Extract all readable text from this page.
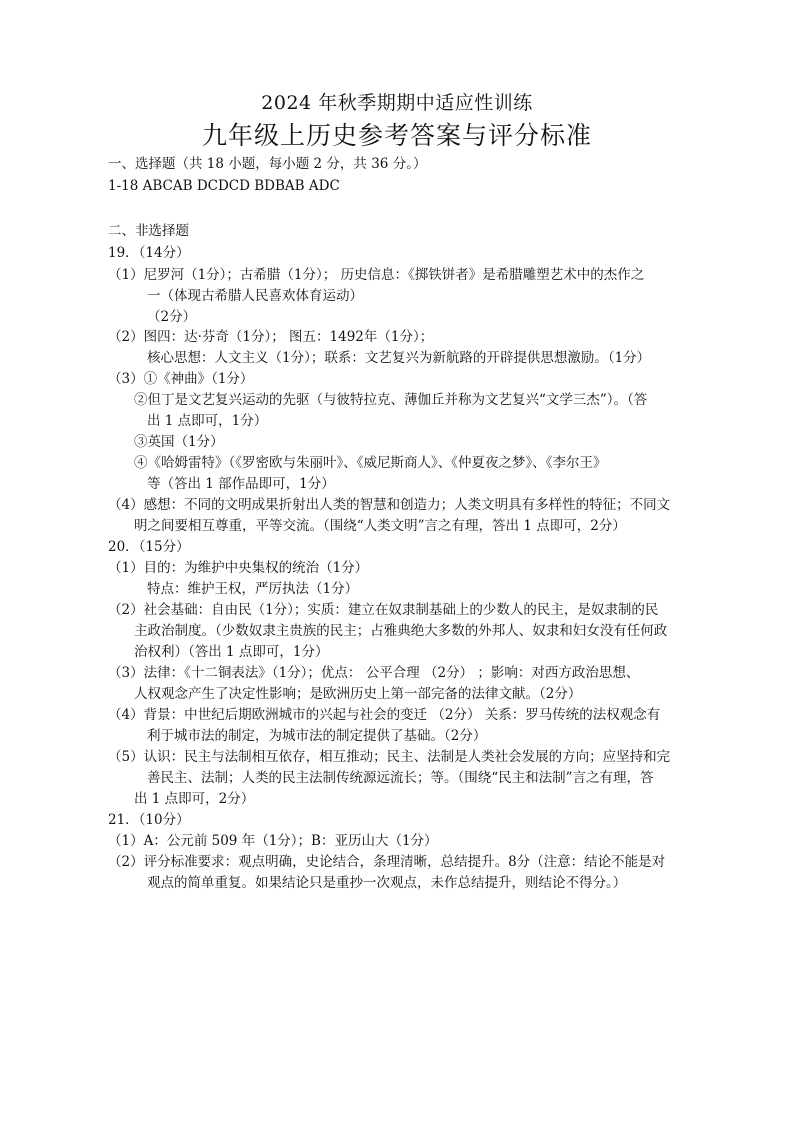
2024 年秋季期期中适应性训练
九年级上历史参考答案与评分标准
一、选择题（共 18 小题，每小题 2 分，共 36 分。）
1-18 ABCAB DCDCD BDBAB ADC
二、非选择题
19．（14分）
（1）尼罗河（1分）；古希腊（1分）； 历史信息：《掷铁饼者》是希腊雕塑艺术中的杰作之
一（体现古希腊人民喜欢体育运动）
（2分）
（2）图四：达·芬奇（1分）； 图五：1492年（1分）；
核心思想：人文主义（1分）；联系：文艺复兴为新航路的开辟提供思想激励。（1分）
（3）①《神曲》（1分）
②但丁是文艺复兴运动的先驱（与彼特拉克、薄伽丘并称为文艺复兴“文学三杰”）。（答
出 1 点即可，1分）
③英国（1分）
④《哈姆雷特》（《罗密欧与朱丽叶》、《威尼斯商人》、《仲夏夜之梦》、《李尔王》
等（答出 1 部作品即可，1分）
（4）感想：不同的文明成果折射出人类的智慧和创造力；人类文明具有多样性的特征；不同文
明之间要相互尊重，平等交流。（围绕“人类文明”言之有理，答出 1 点即可，2分）
20．（15分）
（1）目的：为维护中央集权的统治（1分）
特点：维护王权，严厉执法（1分）
（2）社会基础：自由民（1分）；实质：建立在奴隶制基础上的少数人的民主，是奴隶制的民
主政治制度。（少数奴隶主贵族的民主；占雅典绝大多数的外邦人、奴隶和妇女没有任何政
治权利）（答出 1 点即可，1分）
（3）法律：《十二铜表法》（1分）；优点： 公平合理 （2分） ；影响：对西方政治思想、
人权观念产生了决定性影响；是欧洲历史上第一部完备的法律文献。（2分）
（4）背景：中世纪后期欧洲城市的兴起与社会的变迁 （2分） 关系：罗马传统的法权观念有
利于城市法的制定，为城市法的制定提供了基础。（2分）
（5）认识：民主与法制相互依存，相互推动；民主、法制是人类社会发展的方向；应坚持和完
善民主、法制；人类的民主法制传统源远流长；等。（围绕“民主和法制”言之有理，答
出 1 点即可，2分）
21．（10分）
（1）A：公元前 509 年（1分）；B：亚历山大（1分）
（2）评分标准要求：观点明确，史论结合，条理清晰，总结提升。8分（注意：结论不能是对
观点的简单重复。如果结论只是重抄一次观点，未作总结提升，则结论不得分。）
